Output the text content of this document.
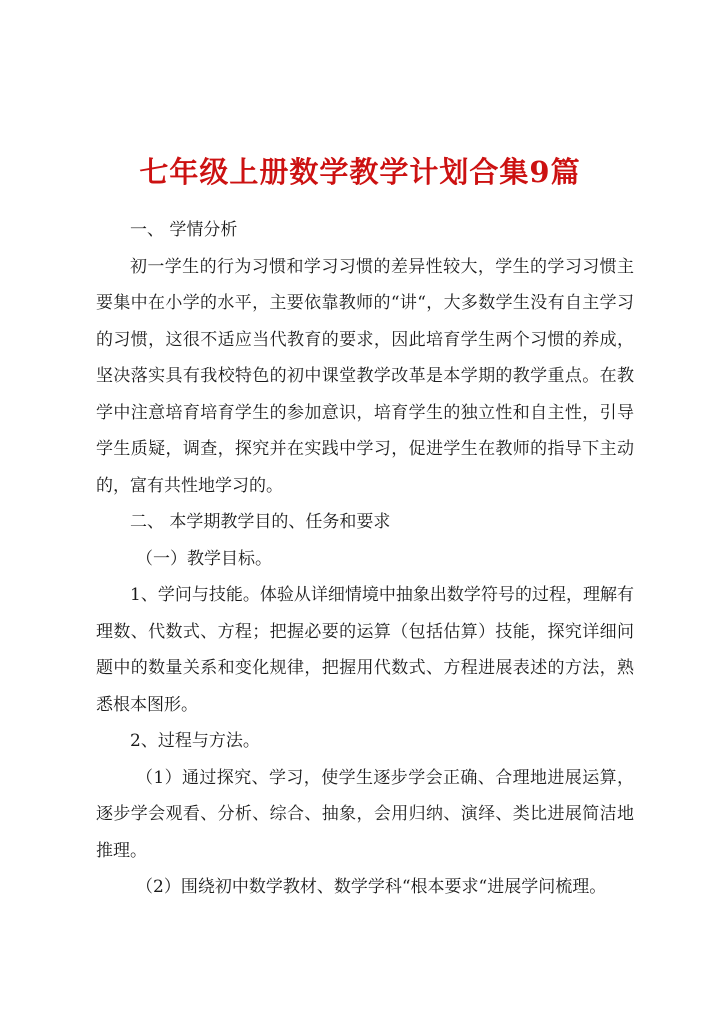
七年级上册数学教学计划合集9篇

一、 学情分析

初一学生的行为习惯和学习习惯的差异性较大，学生的学习习惯主要集中在小学的水平，主要依靠教师的“讲“，大多数学生没有自主学习的习惯，这很不适应当代教育的要求，因此培育学生两个习惯的养成，坚决落实具有我校特色的初中课堂教学改革是本学期的教学重点。在教学中注意培育培育学生的参加意识，培育学生的独立性和自主性，引导学生质疑，调查，探究并在实践中学习，促进学生在教师的指导下主动的，富有共性地学习的。

二、 本学期教学目的、任务和要求

（一）教学目标。

1、学问与技能。体验从详细情境中抽象出数学符号的过程，理解有理数、代数式、方程；把握必要的运算（包括估算）技能，探究详细问题中的数量关系和变化规律，把握用代数式、方程进展表述的方法，熟悉根本图形。

2、过程与方法。

（1）通过探究、学习，使学生逐步学会正确、合理地进展运算，逐步学会观看、分析、综合、抽象，会用归纳、演绎、类比进展简洁地推理。

（2）围绕初中数学教材、数学学科“根本要求“进展学问梳理。
